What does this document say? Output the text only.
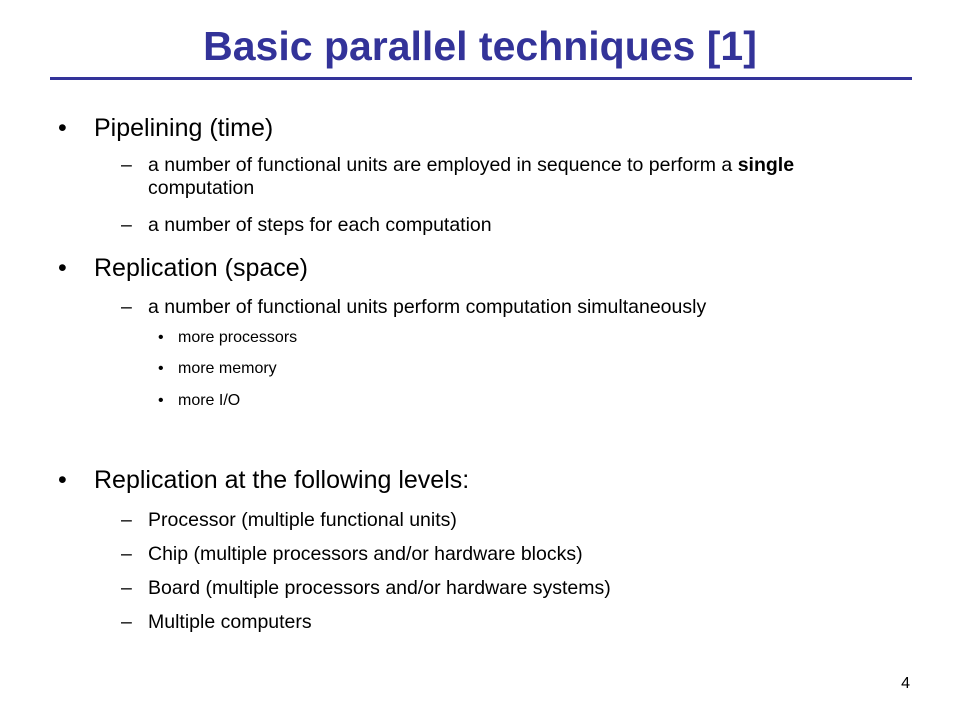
Basic parallel techniques [1]
• Pipelining (time)
– a number of functional units are employed in sequence to perform a single computation
– a number of steps for each computation
• Replication (space)
– a number of functional units perform computation simultaneously
• more processors
• more memory
• more I/O
• Replication at the following levels:
– Processor (multiple functional units)
– Chip (multiple processors and/or hardware blocks)
– Board (multiple processors and/or hardware systems)
– Multiple computers
4
